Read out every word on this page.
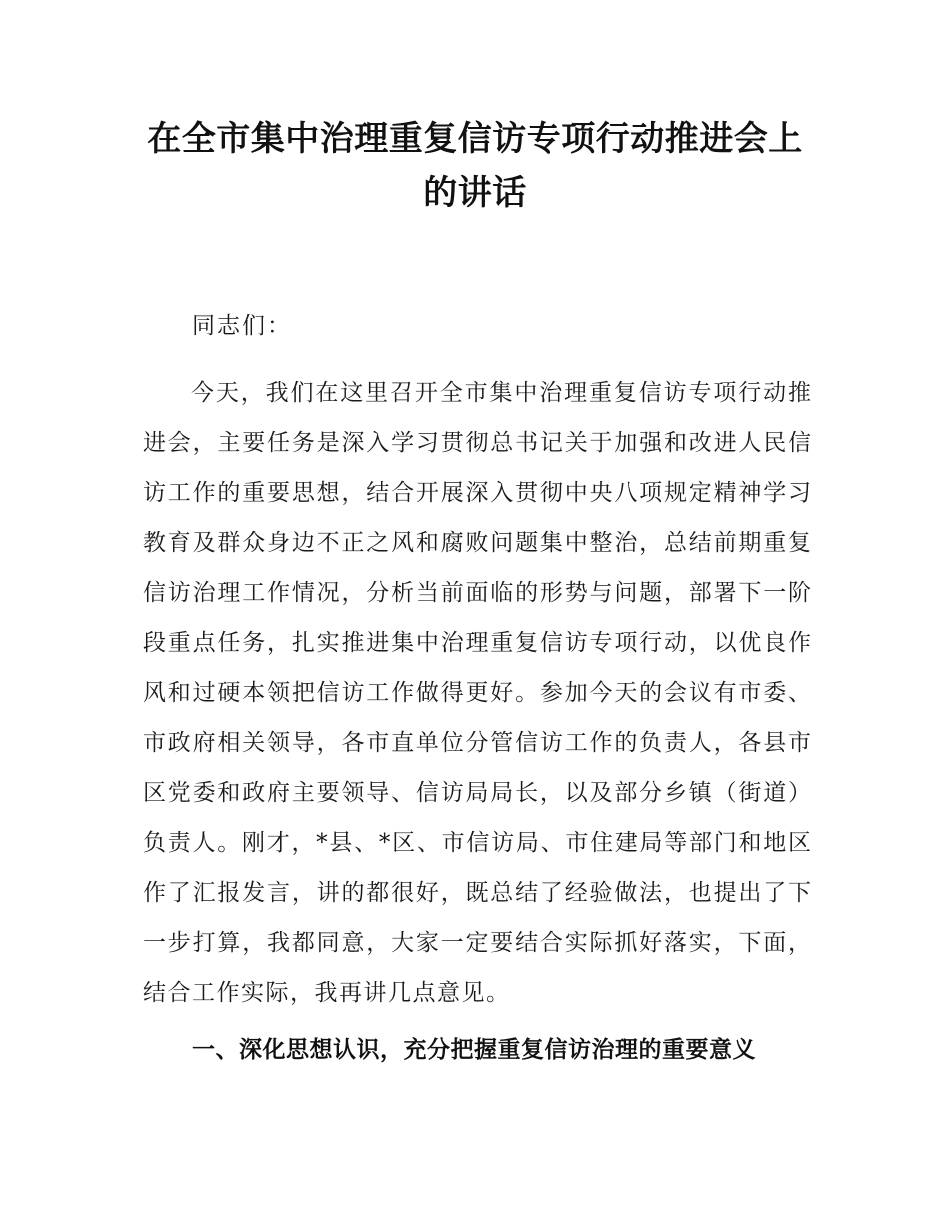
在全市集中治理重复信访专项行动推进会上
的讲话

同志们：

今天，我们在这里召开全市集中治理重复信访专项行动推
进会，主要任务是深入学习贯彻总书记关于加强和改进人民信
访工作的重要思想，结合开展深入贯彻中央八项规定精神学习
教育及群众身边不正之风和腐败问题集中整治，总结前期重复
信访治理工作情况，分析当前面临的形势与问题，部署下一阶
段重点任务，扎实推进集中治理重复信访专项行动，以优良作
风和过硬本领把信访工作做得更好。参加今天的会议有市委、
市政府相关领导，各市直单位分管信访工作的负责人，各县市
区党委和政府主要领导、信访局局长，以及部分乡镇（街道）
负责人。刚才，*县、*区、市信访局、市住建局等部门和地区
作了汇报发言，讲的都很好，既总结了经验做法，也提出了下
一步打算，我都同意，大家一定要结合实际抓好落实，下面，
结合工作实际，我再讲几点意见。
一、深化思想认识，充分把握重复信访治理的重要意义
